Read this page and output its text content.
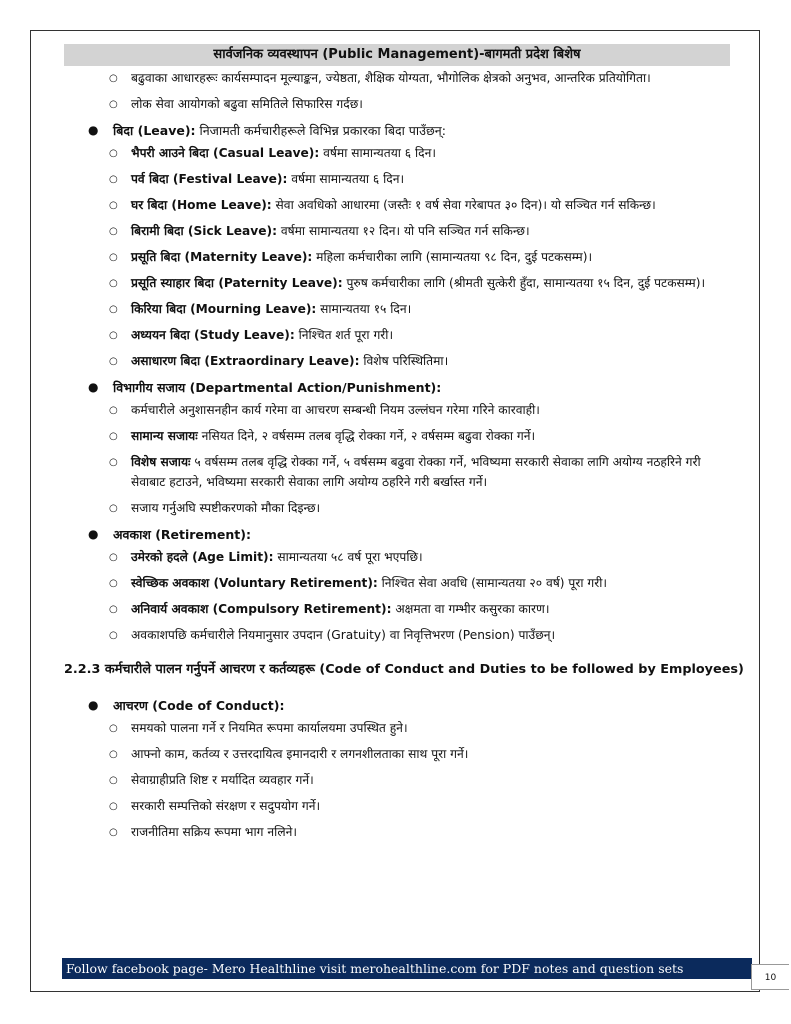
सार्वजनिक व्यवस्थापन (Public Management)-बागमती प्रदेश बिशेष
○ बढुवाका आधारहरूः कार्यसम्पादन मूल्याङ्कन, ज्येष्ठता, शैक्षिक योग्यता, भौगोलिक क्षेत्रको अनुभव, आन्तरिक प्रतियोगिता।
○ लोक सेवा आयोगको बढुवा समितिले सिफारिस गर्दछ।
● बिदा (Leave): निजामती कर्मचारीहरूले विभिन्न प्रकारका बिदा पाउँछन्:
○ भैपरी आउने बिदा (Casual Leave): वर्षमा सामान्यतया ६ दिन।
○ पर्व बिदा (Festival Leave): वर्षमा सामान्यतया ६ दिन।
○ घर बिदा (Home Leave): सेवा अवधिको आधारमा (जस्तैः १ वर्ष सेवा गरेबापत ३० दिन)। यो सञ्चित गर्न सकिन्छ।
○ बिरामी बिदा (Sick Leave): वर्षमा सामान्यतया १२ दिन। यो पनि सञ्चित गर्न सकिन्छ।
○ प्रसूति बिदा (Maternity Leave): महिला कर्मचारीका लागि (सामान्यतया ९८ दिन, दुई पटकसम्म)।
○ प्रसूति स्याहार बिदा (Paternity Leave): पुरुष कर्मचारीका लागि (श्रीमती सुत्केरी हुँदा, सामान्यतया १५ दिन, दुई पटकसम्म)।
○ किरिया बिदा (Mourning Leave): सामान्यतया १५ दिन।
○ अध्ययन बिदा (Study Leave): निश्चित शर्त पूरा गरी।
○ असाधारण बिदा (Extraordinary Leave): विशेष परिस्थितिमा।
● विभागीय सजाय (Departmental Action/Punishment):
○ कर्मचारीले अनुशासनहीन कार्य गरेमा वा आचरण सम्बन्धी नियम उल्लंघन गरेमा गरिने कारवाही।
○ सामान्य सजायः नसियत दिने, २ वर्षसम्म तलब वृद्धि रोक्का गर्ने, २ वर्षसम्म बढुवा रोक्का गर्ने।
○ विशेष सजायः ५ वर्षसम्म तलब वृद्धि रोक्का गर्ने, ५ वर्षसम्म बढुवा रोक्का गर्ने, भविष्यमा सरकारी सेवाका लागि अयोग्य नठहरिने गरी सेवाबाट हटाउने, भविष्यमा सरकारी सेवाका लागि अयोग्य ठहरिने गरी बर्खास्त गर्ने।
○ सजाय गर्नुअघि स्पष्टीकरणको मौका दिइन्छ।
● अवकाश (Retirement):
○ उमेरको हदले (Age Limit): सामान्यतया ५८ वर्ष पूरा भएपछि।
○ स्वेच्छिक अवकाश (Voluntary Retirement): निश्चित सेवा अवधि (सामान्यतया २० वर्ष) पूरा गरी।
○ अनिवार्य अवकाश (Compulsory Retirement): अक्षमता वा गम्भीर कसुरका कारण।
○ अवकाशपछि कर्मचारीले नियमानुसार उपदान (Gratuity) वा निवृत्तिभरण (Pension) पाउँछन्।
2.2.3 कर्मचारीले पालन गर्नुपर्ने आचरण र कर्तव्यहरू (Code of Conduct and Duties to be followed by Employees)
● आचरण (Code of Conduct):
○ समयको पालना गर्ने र नियमित रूपमा कार्यालयमा उपस्थित हुने।
○ आफ्नो काम, कर्तव्य र उत्तरदायित्व इमानदारी र लगनशीलताका साथ पूरा गर्ने।
○ सेवाग्राहीप्रति शिष्ट र मर्यादित व्यवहार गर्ने।
○ सरकारी सम्पत्तिको संरक्षण र सदुपयोग गर्ने।
○ राजनीतिमा सक्रिय रूपमा भाग नलिने।
Follow facebook page- Mero Healthline visit merohealthline.com for PDF notes and question sets
10
